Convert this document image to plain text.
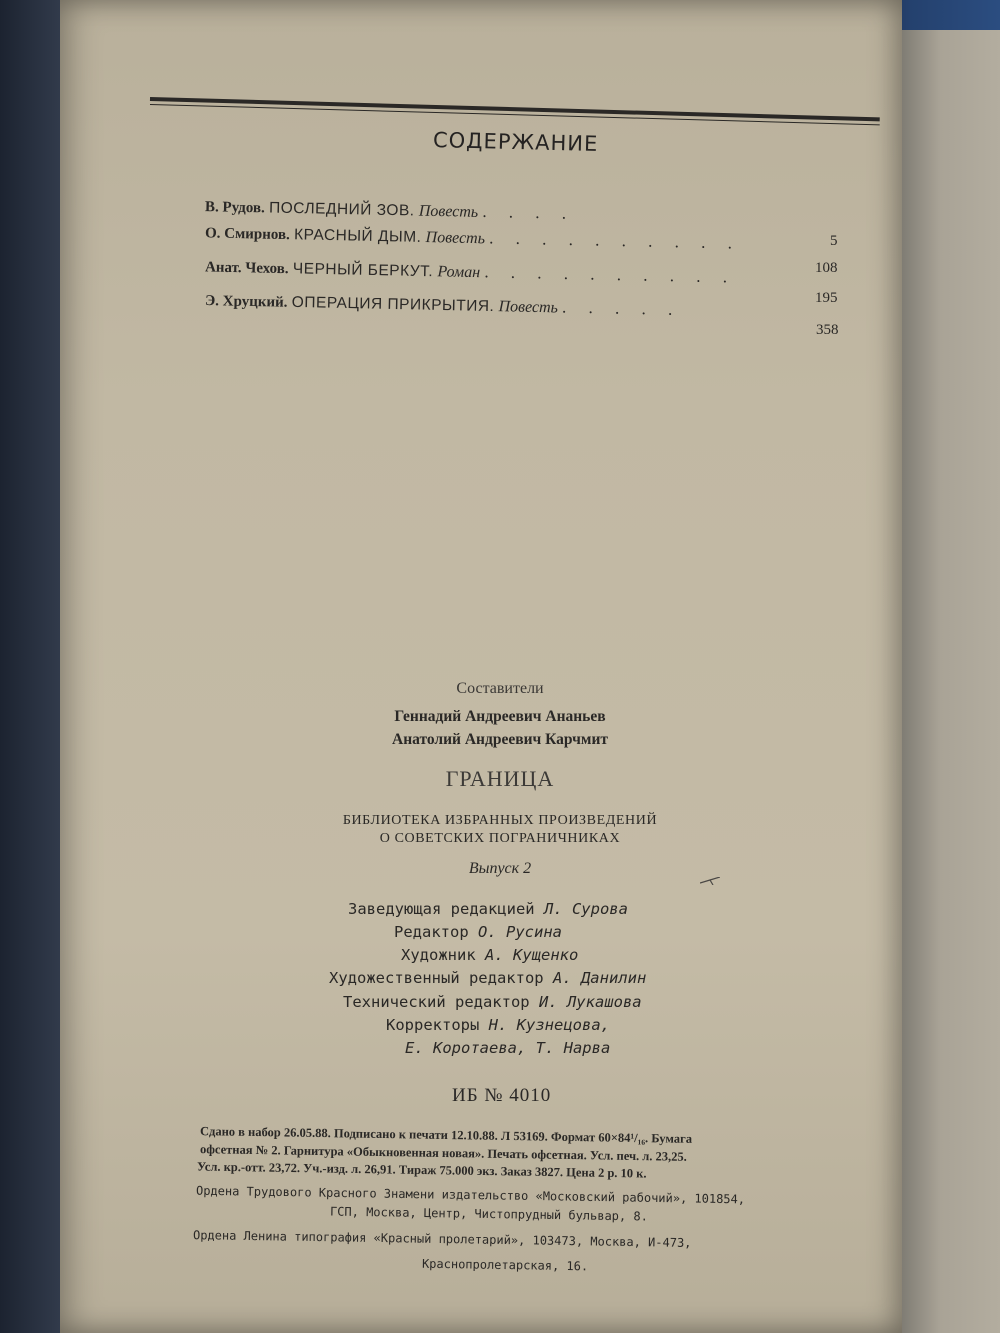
СОДЕРЖАНИЕ
В. Рудов. ПОСЛЕДНИЙ ЗОВ. Повесть . . . .
О. Смирнов. КРАСНЫЙ ДЫМ. Повесть . . . . . . . . . .
Анат. Чехов. ЧЕРНЫЙ БЕРКУТ. Роман . . . . . . . . . .
Э. Хруцкий. ОПЕРАЦИЯ ПРИКРЫТИЯ. Повесть . . . . .
5
108
195
358
Составители
Геннадий Андреевич Ананьев
Анатолий Андреевич Карчмит
ГРАНИЦА
БИБЛИОТЕКА ИЗБРАННЫХ ПРОИЗВЕДЕНИЙ
О СОВЕТСКИХ ПОГРАНИЧНИКАХ
Выпуск 2
Заведующая редакцией Л. Сурова
Редактор О. Русина
Художник А. Кущенко
Художественный редактор А. Данилин
Технический редактор И. Лукашова
Корректоры Н. Кузнецова,
Е. Коротаева, Т. Нарва
ИБ № 4010
Сдано в набор 26.05.88. Подписано к печати 12.10.88. Л 53169. Формат 60×84¹/₁₆. Бумага
офсетная № 2. Гарнитура «Обыкновенная новая». Печать офсетная. Усл. печ. л. 23,25.
Усл. кр.-отт. 23,72. Уч.-изд. л. 26,91. Тираж 75.000 экз. Заказ 3827. Цена 2 р. 10 к.
Ордена Трудового Красного Знамени издательство «Московский рабочий», 101854,
ГСП, Москва, Центр, Чистопрудный бульвар, 8.
Ордена Ленина типография «Красный пролетарий», 103473, Москва, И-473,
Краснопролетарская, 16.
